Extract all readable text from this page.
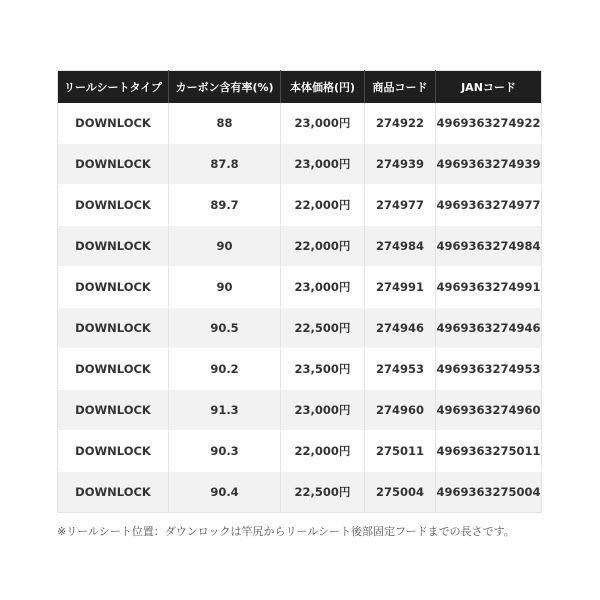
リールシートタイプ	カーボン含有率(%)	本体価格(円)	商品コード	JANコード
DOWNLOCK	88	23,000円	274922	4969363274922
DOWNLOCK	87.8	23,000円	274939	4969363274939
DOWNLOCK	89.7	22,000円	274977	4969363274977
DOWNLOCK	90	22,000円	274984	4969363274984
DOWNLOCK	90	23,000円	274991	4969363274991
DOWNLOCK	90.5	22,500円	274946	4969363274946
DOWNLOCK	90.2	23,500円	274953	4969363274953
DOWNLOCK	91.3	23,000円	274960	4969363274960
DOWNLOCK	90.3	22,000円	275011	4969363275011
DOWNLOCK	90.4	22,500円	275004	4969363275004
※リールシート位置：ダウンロックは竿尻からリールシート後部固定フードまでの長さです。
